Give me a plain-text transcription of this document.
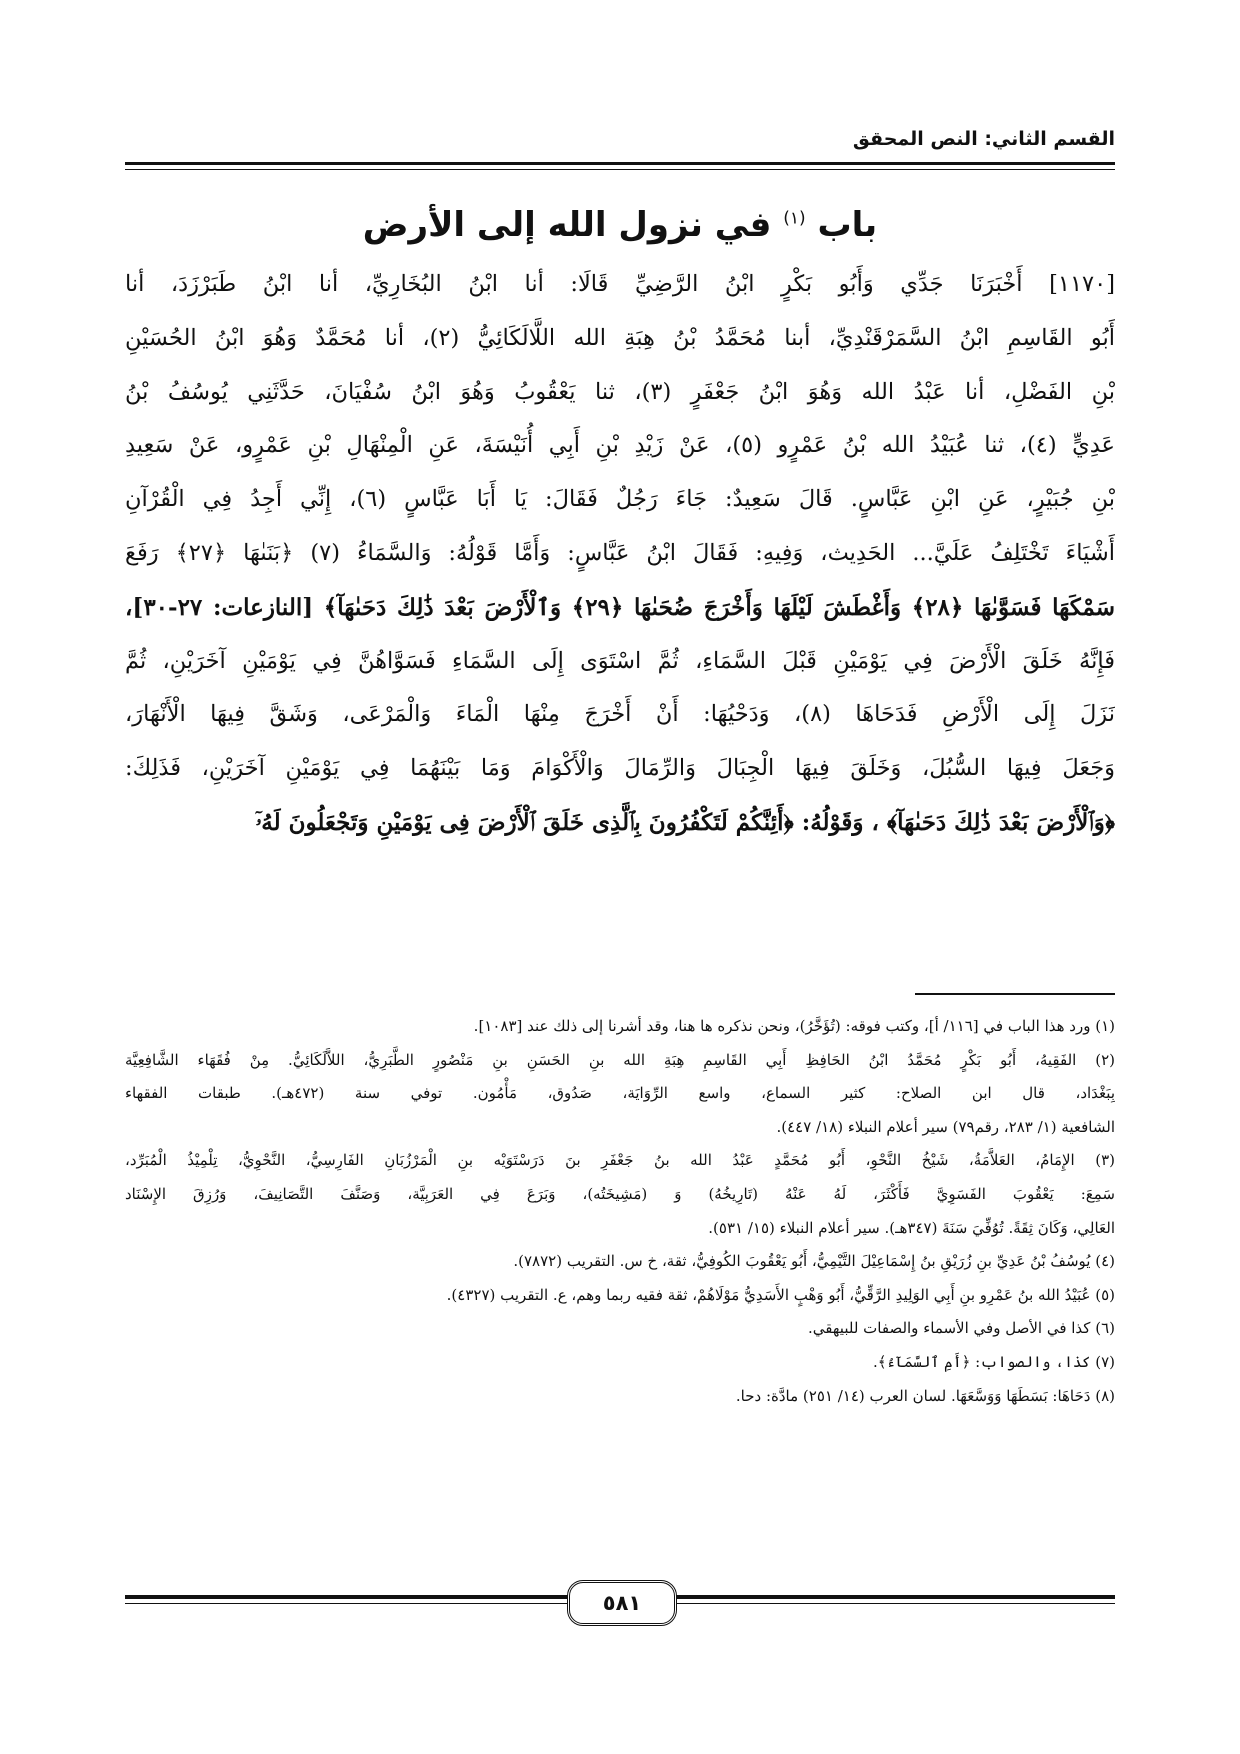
القسم الثاني: النص المحقق
باب $^{(١)}$ في نزول الله إلى الأرض
[١١٧٠] أَخْبَرَنَا جَدِّي وَأَبُو بَكْرٍ ابْنُ الرَّضِيِّ قَالَا: أنا ابْنُ البُخَارِيِّ، أنا ابْنُ طَبَرْزَدَ، أنا
أَبُو القَاسِمِ ابْنُ السَّمَرْقَنْدِيِّ، أبنا مُحَمَّدُ بْنُ هِبَةِ الله اللَّالَكَائِيُّ (٢)، أنا مُحَمَّدٌ وَهُوَ ابْنُ الحُسَيْنِ
بْنِ الفَضْلِ، أنا عَبْدُ الله وَهُوَ ابْنُ جَعْفَرٍ (٣)، ثنا يَعْقُوبُ وَهُوَ ابْنُ سُفْيَانَ، حَدَّثَنِي يُوسُفُ بْنُ
عَدِيٍّ (٤)، ثنا عُبَيْدُ الله بْنُ عَمْرٍو (٥)، عَنْ زَيْدِ بْنِ أَبِي أُنَيْسَةَ، عَنِ الْمِنْهَالِ بْنِ عَمْرٍو، عَنْ سَعِيدِ
بْنِ جُبَيْرٍ، عَنِ ابْنِ عَبَّاسٍ. قَالَ سَعِيدٌ: جَاءَ رَجُلٌ فَقَالَ: يَا أَبَا عَبَّاسٍ (٦)، إِنِّي أَجِدُ فِي الْقُرْآنِ
أَشْيَاءَ تَخْتَلِفُ عَلَيَّ... الحَدِيث، وَفِيهِ: فَقَالَ ابْنُ عَبَّاسٍ: وَأَمَّا قَوْلُهُ: وَالسَّمَاءُ (٧) ﴿بَنَىٰهَا ﴿٢٧﴾ رَفَعَ
سَمْكَهَا فَسَوَّىٰهَا ﴿٢٨﴾ وَأَغْطَشَ لَيْلَهَا وَأَخْرَجَ ضُحَىٰهَا ﴿٢٩﴾ وَٱلْأَرْضَ بَعْدَ ذَٰلِكَ دَحَىٰهَآ﴾ [النازعات: ٢٧-٣٠]،
فَإِنَّهُ خَلَقَ الْأَرْضَ فِي يَوْمَيْنِ قَبْلَ السَّمَاءِ، ثُمَّ اسْتَوَى إِلَى السَّمَاءِ فَسَوَّاهُنَّ فِي يَوْمَيْنِ آخَرَيْنِ، ثُمَّ
نَزَلَ إِلَى الْأَرْضِ فَدَحَاهَا (٨)، وَدَحْيُهَا: أَنْ أَخْرَجَ مِنْهَا الْمَاءَ وَالْمَرْعَى، وَشَقَّ فِيهَا الْأَنْهَارَ،
وَجَعَلَ فِيهَا السُّبُلَ، وَخَلَقَ فِيهَا الْجِبَالَ وَالرِّمَالَ وَالْأَكْوَامَ وَمَا بَيْنَهُمَا فِي يَوْمَيْنِ آخَرَيْنِ، فَذَلِكَ:
﴿وَٱلْأَرْضَ بَعْدَ ذَٰلِكَ دَحَىٰهَآ﴾ ، وَقَوْلُهُ: ﴿أَئِنَّكُمْ لَتَكْفُرُونَ بِٱلَّذِى خَلَقَ ٱلْأَرْضَ فِى يَوْمَيْنِ وَتَجْعَلُونَ لَهُۥٓ
(١) ورد هذا الباب في [١١٦/ أ]، وكتب فوقه: (تُؤَخَّرُ)، ونحن نذكره ها هنا، وقد أشرنا إلى ذلك عند [١٠٨٣].
(٢) الفَقِيهُ، أَبُو بَكْرٍ مُحَمَّدُ ابْنُ الحَافِظِ أَبِي القَاسِمِ هِبَةِ الله بنِ الحَسَنِ بنِ مَنْصُورٍ الطَّبَرِيُّ، اللاَّلَكَائِيُّ. مِنْ فُقَهَاء الشَّافِعِيَّة
بِبَغْدَاد، قال ابن الصلاح: كثير السماع، واسع الرِّوَايَة، صَدُوق، مَأْمُون. توفي سنة (٤٧٢هـ). طبقات الفقهاء
الشافعية (١/ ٢٨٣، رقم٧٩) سير أعلام النبلاء (١٨/ ٤٤٧).
(٣) الإِمَامُ، العَلاَّمَةُ، شَيْخُ النَّحْوِ، أَبُو مُحَمَّدٍ عَبْدُ الله بنُ جَعْفَرِ بنَ دَرَسْتَوَيْه بنِ الْمَرْزُبَانِ الفَارِسِيُّ، النَّحْوِيُّ، تِلْمِيْذُ الْمُبَرِّد،
سَمِعَ: يَعْقُوبَ الفَسَوِيَّ فَأَكْثَرَ، لَهُ عَنْهُ (تَارِيخُهُ) وَ (مَشِيخَتُه)، وَبَرَعَ فِي العَرَبِيَّة، وَصَنَّفَ التَّصَانِيفَ، وَرُزِقَ الإِسْنَاد
العَالِي، وَكَانَ ثِقَةً. تُوُفِّيَ سَنَةَ (٣٤٧هـ). سير أعلام النبلاء (١٥/ ٥٣١).
(٤) يُوسُفُ بْنُ عَدِيِّ بنِ زُرَيْقِ بنُ إِسْمَاعِيْلَ التَّيْمِيُّ، أَبُو يَعْقُوبَ الكُوفِيُّ، ثقة، خ س. التقريب (٧٨٧٢).
(٥) عُبَيْدُ الله بنُ عَمْرِو بنِ أَبِي الوَلِيدِ الرَّقِّيُّ، أَبُو وَهْبٍ الأَسَدِيُّ مَوْلَاهُمْ، ثقة فقيه ربما وهم، ع. التقريب (٤٣٢٧).
(٦) كذا في الأصل وفي الأسماء والصفات للبيهقي.
(٧) كذا، والصواب: ﴿أَمِ ٱلسَّمَآءُ﴾.
(٨) دَحَاهَا: بَسَطَهَا وَوَسَّعَهَا. لسان العرب (١٤/ ٢٥١) مادَّة: دحا.
٥٨١
